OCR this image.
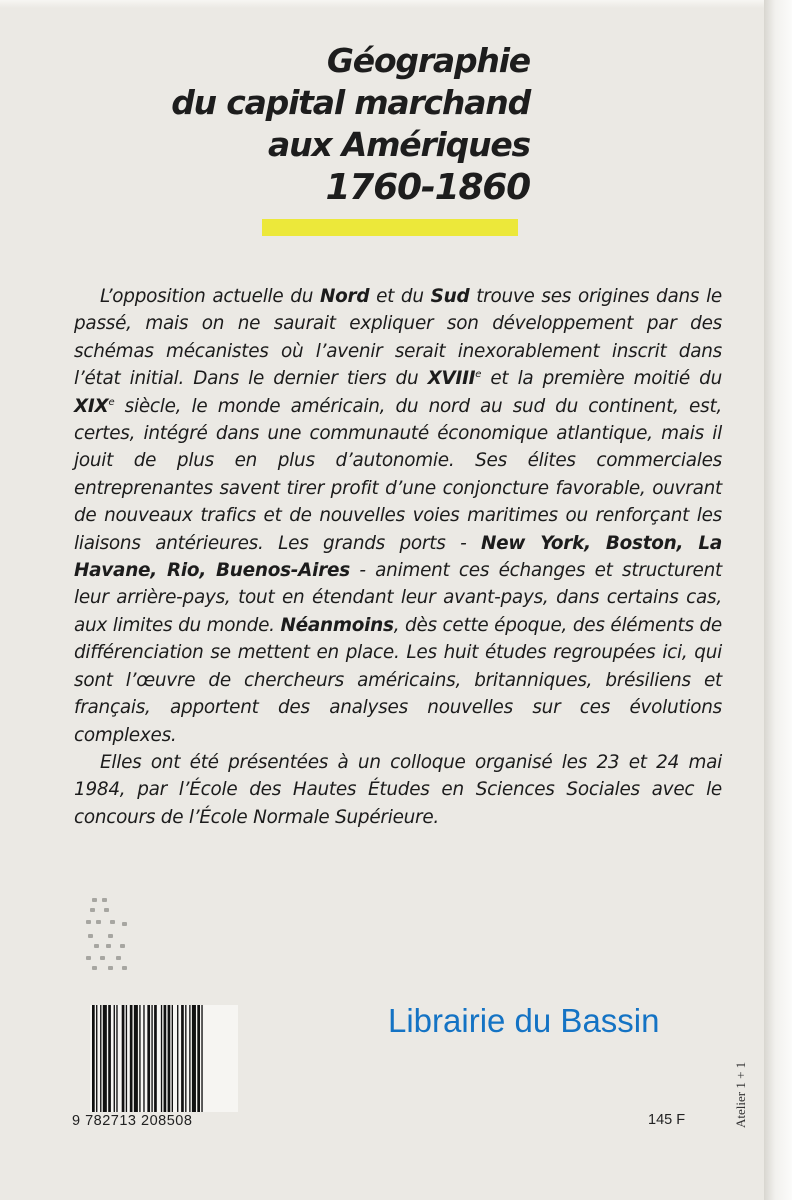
Géographie
du capital marchand
aux Amériques
1760-1860

L’opposition actuelle du Nord et du Sud trouve ses origines dans le passé, mais on ne saurait expliquer son développement par des schémas mécanistes où l’avenir serait inexorablement inscrit dans l’état initial. Dans le dernier tiers du XVIIIe et la première moitié du XIXe siècle, le monde américain, du nord au sud du continent, est, certes, intégré dans une communauté économique atlantique, mais il jouit de plus en plus d’autonomie. Ses élites commerciales entreprenantes savent tirer profit d’une conjoncture favorable, ouvrant de nouveaux trafics et de nouvelles voies maritimes ou renforçant les liaisons antérieures. Les grands ports - New York, Boston, La Havane, Rio, Buenos-Aires - animent ces échanges et structurent leur arrière-pays, tout en étendant leur avant-pays, dans certains cas, aux limites du monde. Néanmoins, dès cette époque, des éléments de différenciation se mettent en place. Les huit études regroupées ici, qui sont l’œuvre de chercheurs américains, britanniques, brésiliens et français, apportent des analyses nouvelles sur ces évolutions complexes.

Elles ont été présentées à un colloque organisé les 23 et 24 mai 1984, par l’École des Hautes Études en Sciences Sociales avec le concours de l’École Normale Supérieure.

9 782713 208508
Librairie du Bassin
145 F	Atelier 1 + 1
